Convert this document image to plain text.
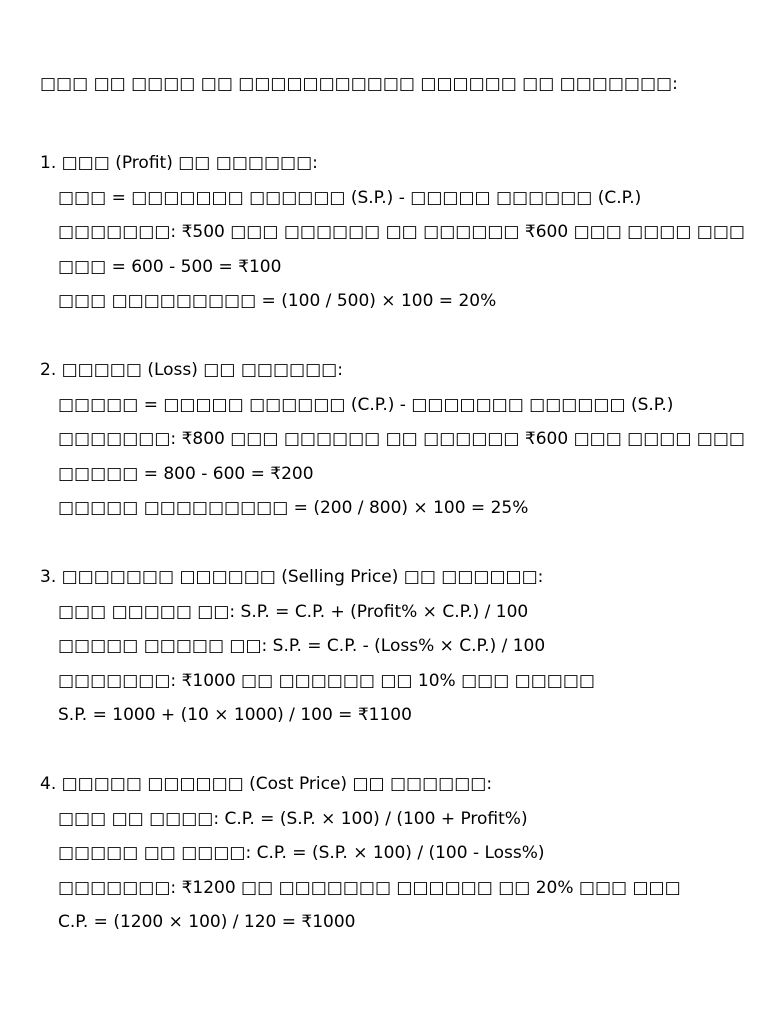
□□□ □□ □□□□ □□ □□□□□□□□□□□ □□□□□□ □□ □□□□□□□:

1. □□□ (Profit) □□ □□□□□□:

□□□ = □□□□□□□ □□□□□□ (S.P.) - □□□□□ □□□□□□ (C.P.)

□□□□□□□: ₹500 □□□ □□□□□□ □□ □□□□□□ ₹600 □□□ □□□□ □□□

□□□ = 600 - 500 = ₹100

□□□ □□□□□□□□□ = (100 / 500) × 100 = 20%

2. □□□□□ (Loss) □□ □□□□□□:

□□□□□ = □□□□□ □□□□□□ (C.P.) - □□□□□□□ □□□□□□ (S.P.)

□□□□□□□: ₹800 □□□ □□□□□□ □□ □□□□□□ ₹600 □□□ □□□□ □□□

□□□□□ = 800 - 600 = ₹200

□□□□□ □□□□□□□□□ = (200 / 800) × 100 = 25%

3. □□□□□□□ □□□□□□ (Selling Price) □□ □□□□□□:

□□□ □□□□□ □□: S.P. = C.P. + (Profit% × C.P.) / 100

□□□□□ □□□□□ □□: S.P. = C.P. - (Loss% × C.P.) / 100

□□□□□□□: ₹1000 □□ □□□□□□ □□ 10% □□□ □□□□□

S.P. = 1000 + (10 × 1000) / 100 = ₹1100

4. □□□□□ □□□□□□ (Cost Price) □□ □□□□□□:

□□□ □□ □□□□: C.P. = (S.P. × 100) / (100 + Profit%)

□□□□□ □□ □□□□: C.P. = (S.P. × 100) / (100 - Loss%)

□□□□□□□: ₹1200 □□ □□□□□□□ □□□□□□ □□ 20% □□□ □□□

C.P. = (1200 × 100) / 120 = ₹1000
